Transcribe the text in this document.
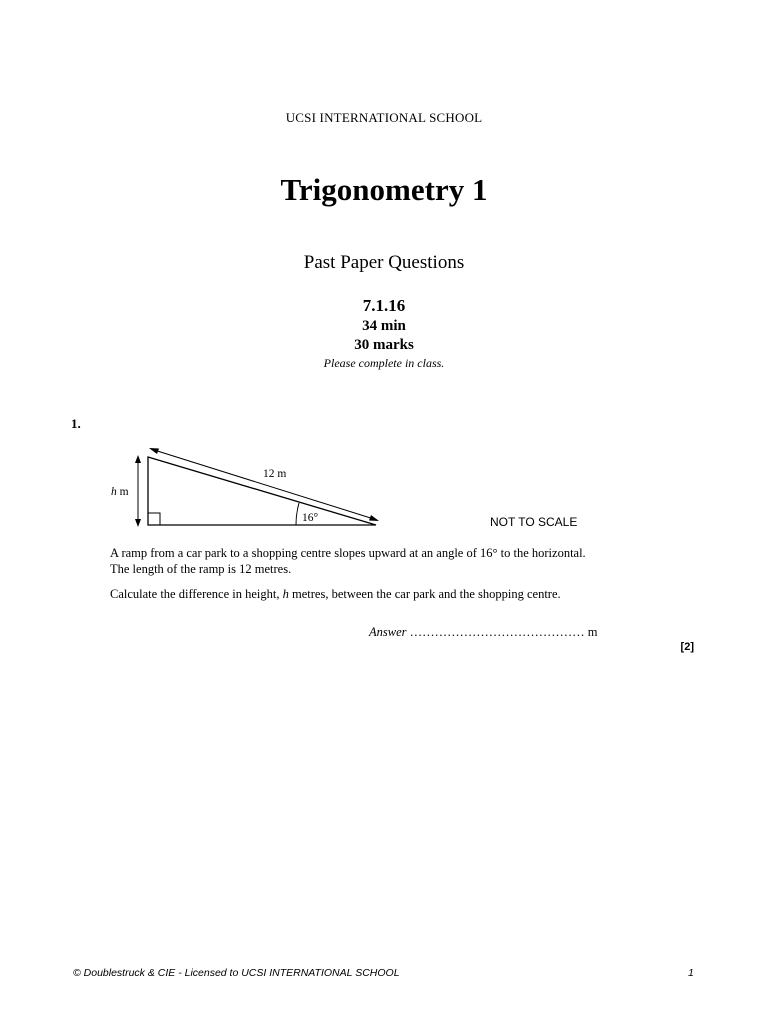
UCSI INTERNATIONAL SCHOOL
Trigonometry 1
Past Paper Questions
7.1.16
34 min
30 marks
Please complete in class.
1.
12 m
h m
16°	NOT TO SCALE
A ramp from a car park to a shopping centre slopes upward at an angle of 16° to the horizontal.
The length of the ramp is 12 metres.
Calculate the difference in height, h metres, between the car park and the shopping centre.
Answer …………………………………… m
[2]
© Doublestruck & CIE - Licensed to UCSI INTERNATIONAL SCHOOL	1
